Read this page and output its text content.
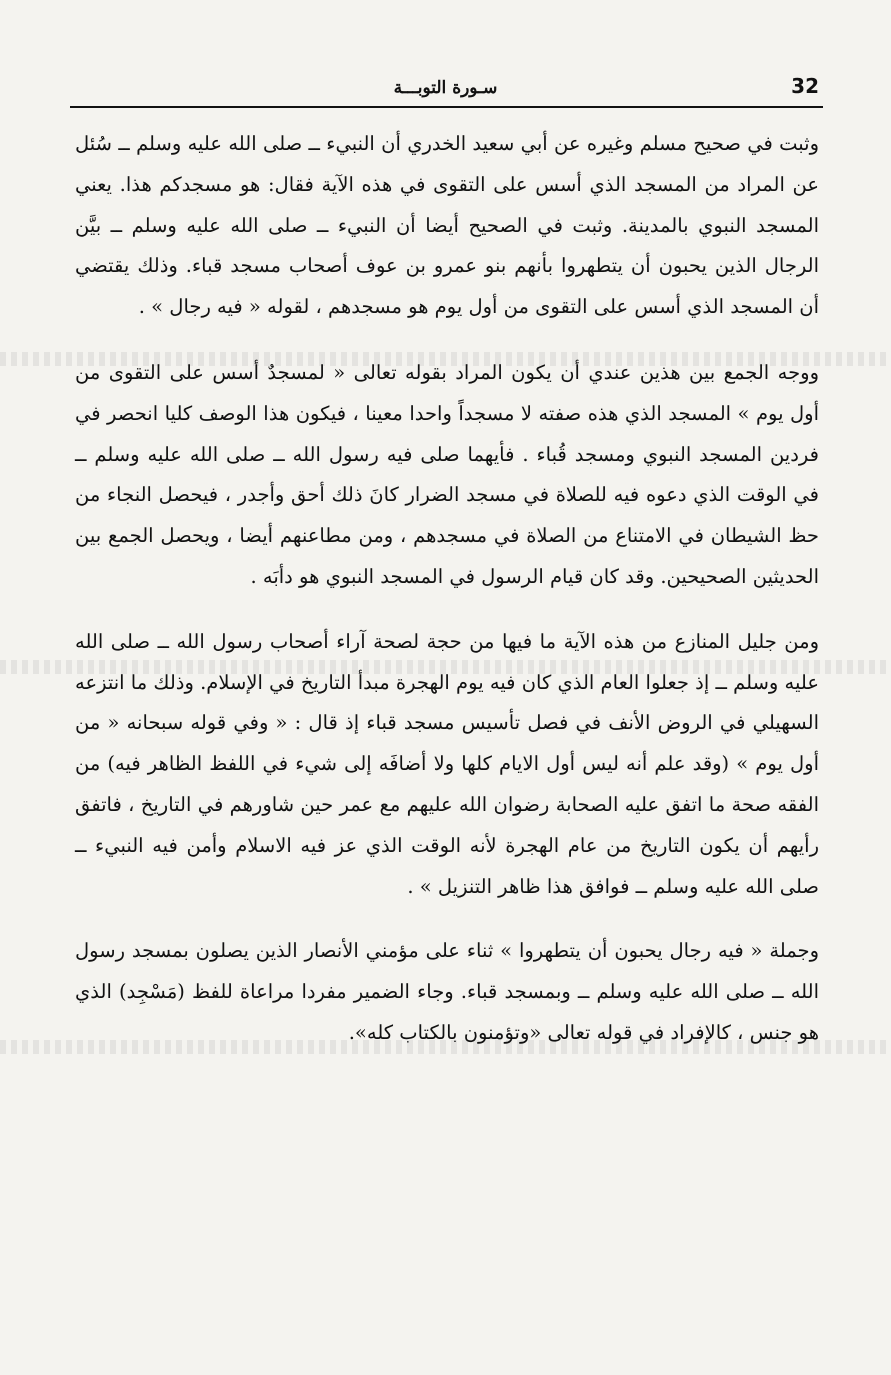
32
سـورة التوبـــة

وثبت في صحيح مسلم وغيره عن أبي سعيد الخدري أن النبيء ــ صلى الله عليه وسلم ــ سُئل عن المراد من المسجد الذي أسس على التقوى في هذه الآية فقال: هو مسجدكم هذا. يعني المسجد النبوي بالمدينة. وثبت في الصحيح أيضا أن النبيء ــ صلى الله عليه وسلم ــ بيَّن الرجال الذين يحبون أن يتطهروا بأنهم بنو عمرو بن عوف أصحاب مسجد قباء. وذلك يقتضي أن المسجد الذي أسس على التقوى من أول يوم هو مسجدهم ، لقوله « فيه رجال » .

ووجه الجمع بين هذين عندي أن يكون المراد بقوله تعالى « لمسجدٌ أسس على التقوى من أول يوم » المسجد الذي هذه صفته لا مسجداً واحدا معينا ، فيكون هذا الوصف كليا انحصر في فردين المسجد النبوي ومسجد قُباء . فأيهما صلى فيه رسول الله ــ صلى الله عليه وسلم ــ في الوقت الذي دعوه فيه للصلاة في مسجد الضرار كانَ ذلك أحق وأجدر ، فيحصل النجاء من حظ الشيطان في الامتناع من الصلاة في مسجدهم ، ومن مطاعنهم أيضا ، ويحصل الجمع بين الحديثين الصحيحين. وقد كان قيام الرسول في المسجد النبوي هو دأبَه .

ومن جليل المنازع من هذه الآية ما فيها من حجة لصحة آراء أصحاب رسول الله ــ صلى الله عليه وسلم ــ إذ جعلوا العام الذي كان فيه يوم الهجرة مبدأ التاريخ في الإسلام. وذلك ما انتزعه السهيلي في الروض الأنف في فصل تأسيس مسجد قباء إذ قال : « وفي قوله سبحانه « من أول يوم » (وقد علم أنه ليس أول الايام كلها ولا أضافَه إلى شيء في اللفظ الظاهر فيه) من الفقه صحة ما اتفق عليه الصحابة رضوان الله عليهم مع عمر حين شاورهم في التاريخ ، فاتفق رأيهم أن يكون التاريخ من عام الهجرة لأنه الوقت الذي عز فيه الاسلام وأمن فيه النبيء ــ صلى الله عليه وسلم ــ فوافق هذا ظاهر التنزيل » .

وجملة « فيه رجال يحبون أن يتطهروا » ثناء على مؤمني الأنصار الذين يصلون بمسجد رسول الله ــ صلى الله عليه وسلم ــ وبمسجد قباء. وجاء الضمير مفردا مراعاة للفظ (مَسْجِد) الذي هو جنس ، كالإفراد في قوله تعالى «وتؤمنون بالكتاب كله».
